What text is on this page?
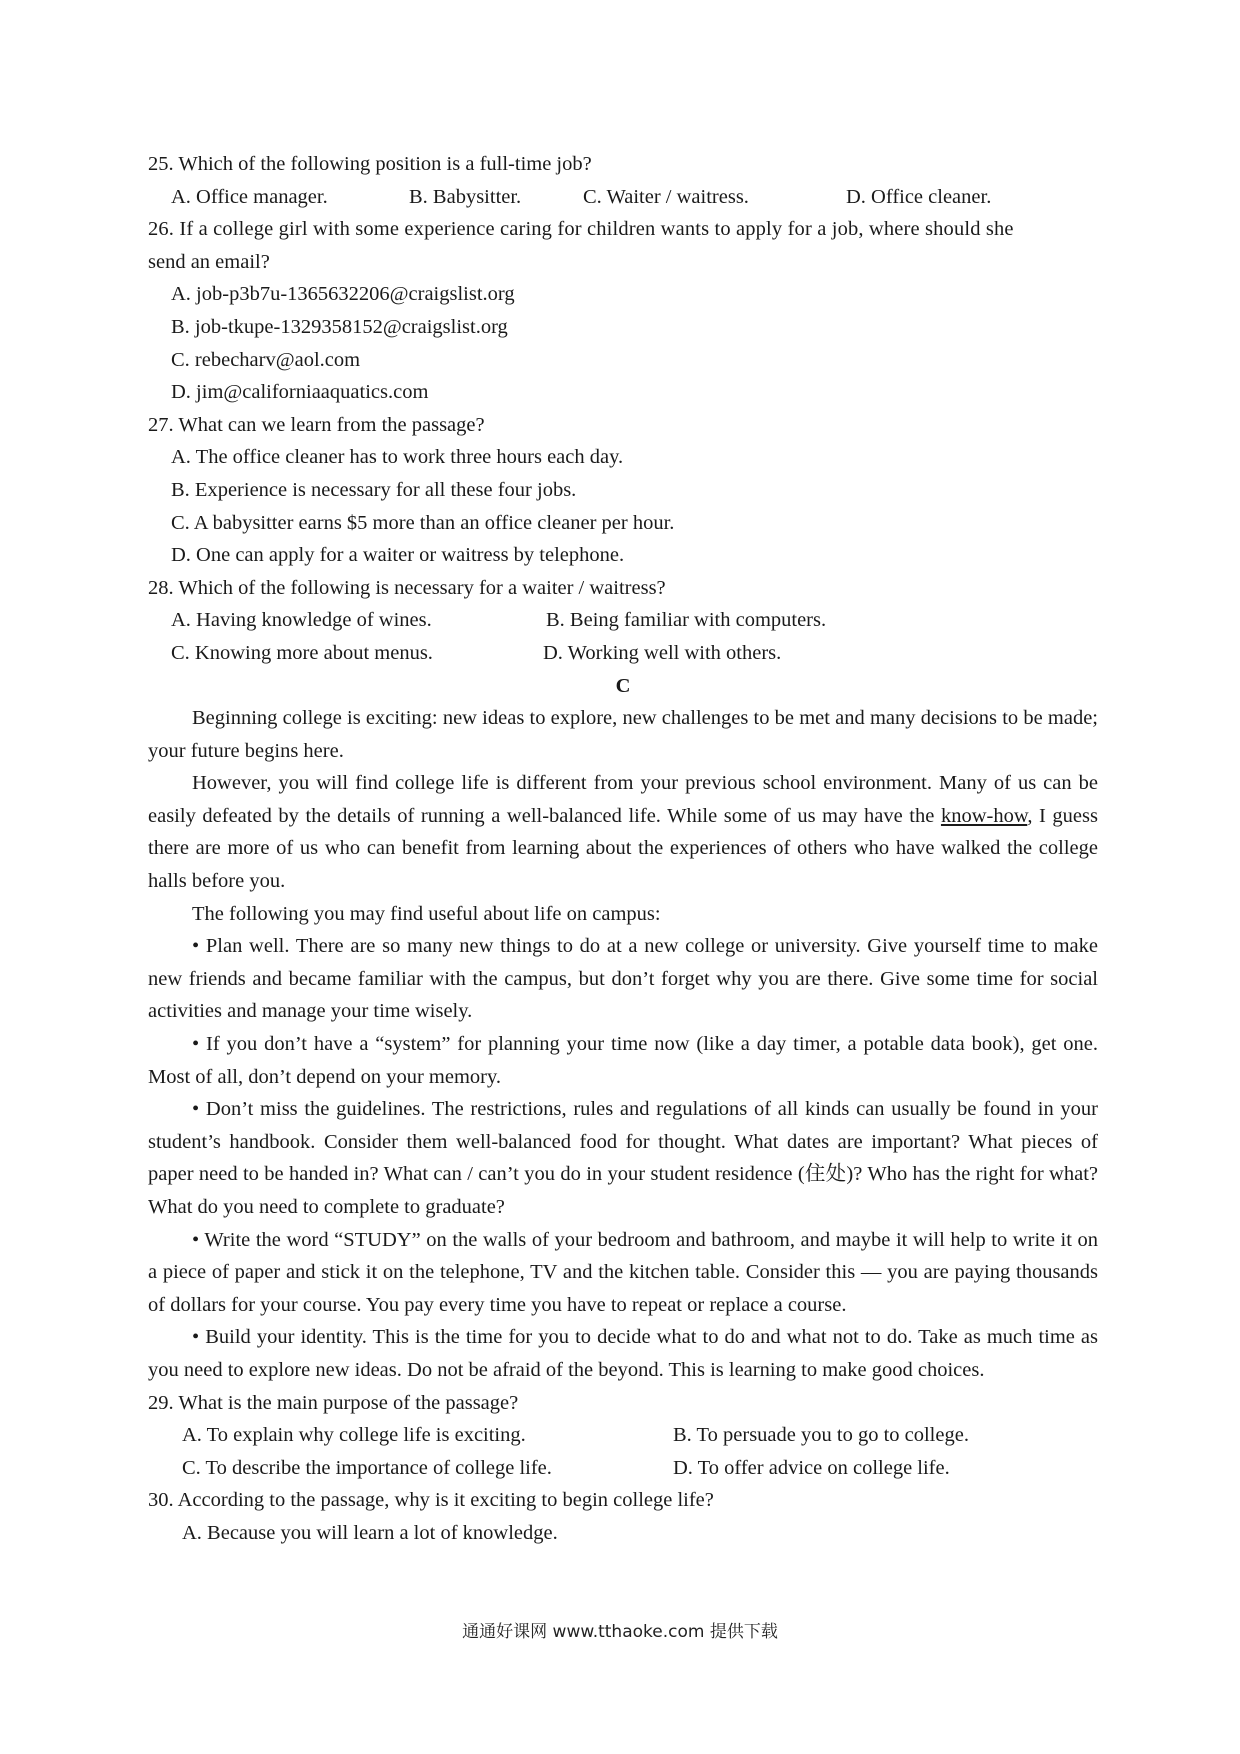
25. Which of the following position is a full-time job?
A. Office manager.	B. Babysitter.	C. Waiter / waitress.	D. Office cleaner.
26. If a college girl with some experience caring for children wants to apply for a job, where should she
send an email?
A. job-p3b7u-1365632206@craigslist.org
B. job-tkupe-1329358152@craigslist.org
C. rebecharv@aol.com
D. jim@californiaaquatics.com
27. What can we learn from the passage?
A. The office cleaner has to work three hours each day.
B. Experience is necessary for all these four jobs.
C. A babysitter earns $5 more than an office cleaner per hour.
D. One can apply for a waiter or waitress by telephone.
28. Which of the following is necessary for a waiter / waitress?
A. Having knowledge of wines.	B. Being familiar with computers.
C. Knowing more about menus.	D. Working well with others.
C

Beginning college is exciting: new ideas to explore, new challenges to be met and many decisions to be made; your future begins here.

However, you will find college life is different from your previous school environment. Many of us can be easily defeated by the details of running a well-balanced life. While some of us may have the know-how, I guess there are more of us who can benefit from learning about the experiences of others who have walked the college halls before you.

The following you may find useful about life on campus:

• Plan well. There are so many new things to do at a new college or university. Give yourself time to make new friends and became familiar with the campus, but don’t forget why you are there. Give some time for social activities and manage your time wisely.

• If you don’t have a “system” for planning your time now (like a day timer, a potable data book), get one. Most of all, don’t depend on your memory.

• Don’t miss the guidelines. The restrictions, rules and regulations of all kinds can usually be found in your student’s handbook. Consider them well-balanced food for thought. What dates are important? What pieces of paper need to be handed in? What can / can’t you do in your student residence (住处)? Who has the right for what? What do you need to complete to graduate?

• Write the word “STUDY” on the walls of your bedroom and bathroom, and maybe it will help to write it on a piece of paper and stick it on the telephone, TV and the kitchen table. Consider this — you are paying thousands of dollars for your course. You pay every time you have to repeat or replace a course.

• Build your identity. This is the time for you to decide what to do and what not to do. Take as much time as you need to explore new ideas. Do not be afraid of the beyond. This is learning to make good choices.

29. What is the main purpose of the passage?
A. To explain why college life is exciting.	B. To persuade you to go to college.
C. To describe the importance of college life.	D. To offer advice on college life.
30. According to the passage, why is it exciting to begin college life?
A. Because you will learn a lot of knowledge.
通通好课网 www.tthaoke.com 提供下载
